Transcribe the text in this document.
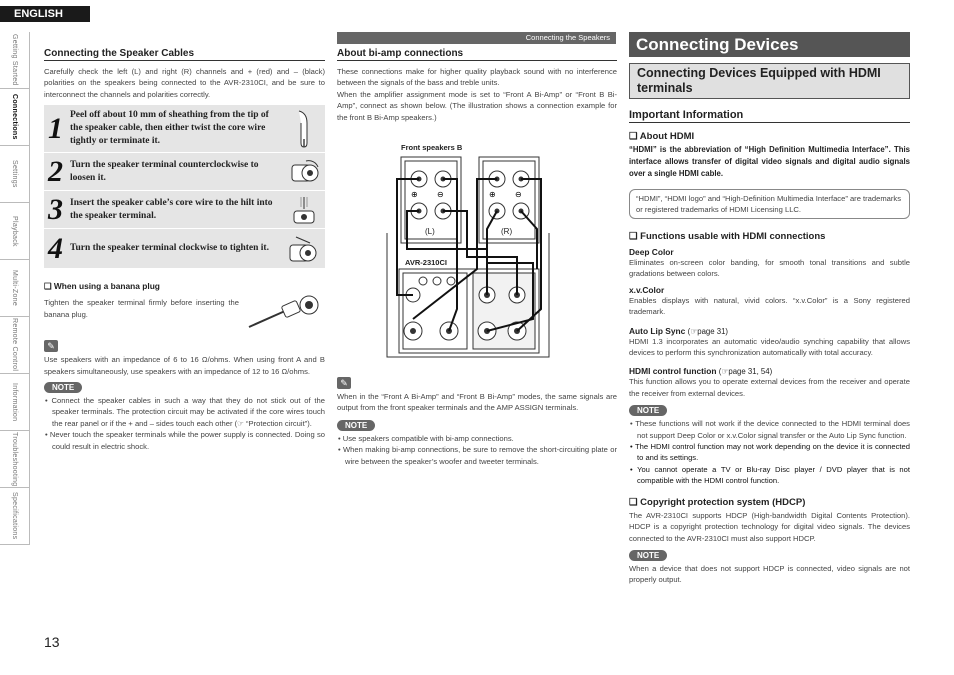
ENGLISH
Getting Started
Connections
Settings
Playback
Multi-Zone
Remote Control
Information
Troubleshooting
Specifications
Connecting the Speakers
Connecting the Speaker Cables

Carefully check the left (L) and right (R) channels and + (red) and – (black) polarities on the speakers being connected to the AVR-2310CI, and be sure to interconnect the channels and polarities correctly.

1 Peel off about 10 mm of sheathing from the tip of the speaker cable, then either twist the core wire tightly or terminate it.
2 Turn the speaker terminal counterclockwise to loosen it.
3 Insert the speaker cable’s core wire to the hilt into the speaker terminal.
4 Turn the speaker terminal clockwise to tighten it.
❑ When using a banana plug

Tighten the speaker terminal firmly before inserting the banana plug.

✎

Use speakers with an impedance of 6 to 16 Ω/ohms. When using front A and B speakers simultaneously, use speakers with an impedance of 12 to 16 Ω/ohms.

NOTE
• Connect the speaker cables in such a way that they do not stick out of the speaker terminals. The protection circuit may be activated if the core wires touch the rear panel or if the + and – sides touch each other (☞ “Protection circuit”).
• Never touch the speaker terminals while the power supply is connected. Doing so could result in electric shock.
About bi-amp connections

These connections make for higher quality playback sound with no interference between the signals of the bass and treble units.

When the amplifier assignment mode is set to “Front A Bi-Amp” or “Front B Bi-Amp”, connect as shown below. (The illustration shows a connection example for the front B Bi-Amp speakers.)

Front speakers B
⊕ ⊖	⊕ ⊖
(L)	(R)
AVR-2310CI
✎

When in the “Front A Bi-Amp” and “Front B Bi-Amp” modes, the same signals are output from the front speaker terminals and the AMP ASSIGN terminals.

NOTE
• Use speakers compatible with bi-amp connections.
• When making bi-amp connections, be sure to remove the short-circuiting plate or wire between the speaker’s woofer and tweeter terminals.
Connecting Devices
Connecting Devices Equipped with HDMI terminals
Important Information
❑ About HDMI

“HDMI” is the abbreviation of “High Definition Multimedia Interface”. This interface allows transfer of digital video signals and digital audio signals over a single HDMI cable.

“HDMI”, “HDMI logo” and “High-Definition Multimedia Interface” are trademarks or registered trademarks of HDMI Licensing LLC.
❑ Functions usable with HDMI connections
Deep Color

Eliminates on-screen color banding, for smooth tonal transitions and subtle gradations between colors.

x.v.Color

Enables displays with natural, vivid colors. “x.v.Color” is a Sony registered trademark.

Auto Lip Sync (☞page 31)

HDMI 1.3 incorporates an automatic video/audio synching capability that allows devices to perform this synchronization automatically with total accuracy.

HDMI control function (☞page 31, 54)

This function allows you to operate external devices from the receiver and operate the receiver from external devices.

NOTE
• These functions will not work if the device connected to the HDMI terminal does not support Deep Color or x.v.Color signal transfer or the Auto Lip Sync function.
• The HDMI control function may not work depending on the device it is connected to and its settings.
• You cannot operate a TV or Blu-ray Disc player / DVD player that is not compatible with the HDMI control function.
❑ Copyright protection system (HDCP)

The AVR-2310CI supports HDCP (High-bandwidth Digital Contents Protection). HDCP is a copyright protection technology for digital video signals. The devices connected to the AVR-2310CI must also support HDCP.

NOTE

When a device that does not support HDCP is connected, video signals are not properly output.

13
